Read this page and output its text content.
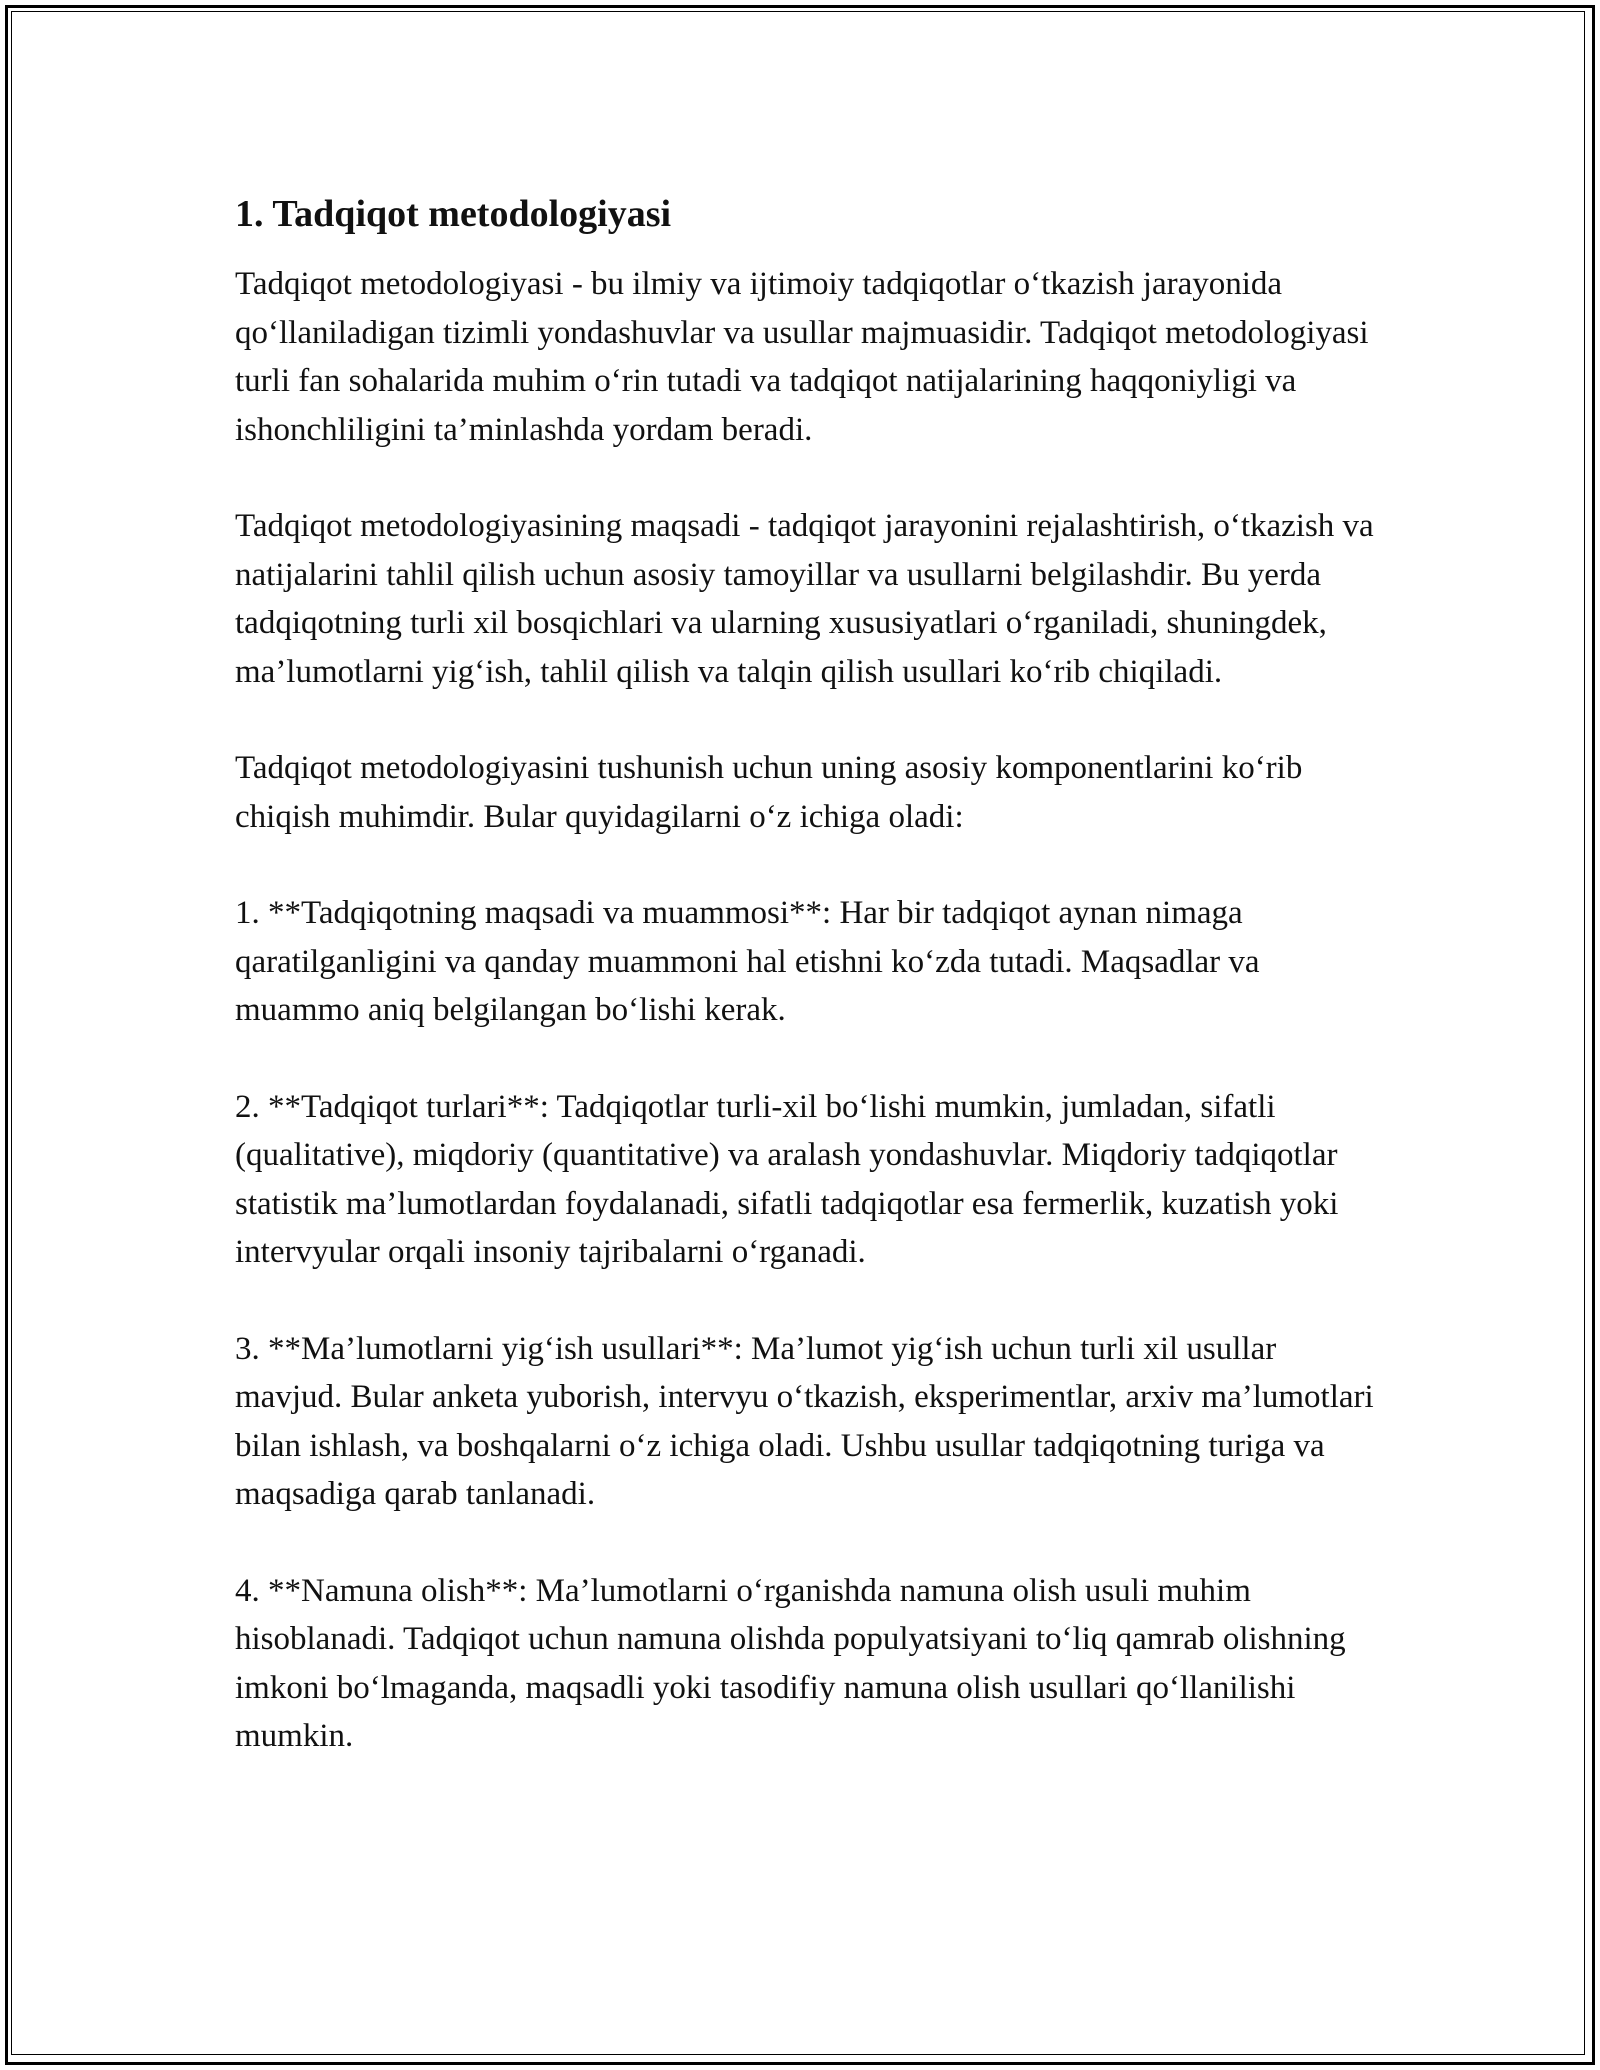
1. Tadqiqot metodologiyasi

Tadqiqot metodologiyasi - bu ilmiy va ijtimoiy tadqiqotlar o‘tkazish jarayonida qo‘llaniladigan tizimli yondashuvlar va usullar majmuasidir. Tadqiqot metodologiyasi turli fan sohalarida muhim o‘rin tutadi va tadqiqot natijalarining haqqoniyligi va ishonchliligini ta’minlashda yordam beradi.

Tadqiqot metodologiyasining maqsadi - tadqiqot jarayonini rejalashtirish, o‘tkazish va natijalarini tahlil qilish uchun asosiy tamoyillar va usullarni belgilashdir. Bu yerda tadqiqotning turli xil bosqichlari va ularning xususiyatlari o‘rganiladi, shuningdek, ma’lumotlarni yig‘ish, tahlil qilish va talqin qilish usullari ko‘rib chiqiladi.

Tadqiqot metodologiyasini tushunish uchun uning asosiy komponentlarini ko‘rib chiqish muhimdir. Bular quyidagilarni o‘z ichiga oladi:

1. **Tadqiqotning maqsadi va muammosi**: Har bir tadqiqot aynan nimaga qaratilganligini va qanday muammoni hal etishni ko‘zda tutadi. Maqsadlar va muammo aniq belgilangan bo‘lishi kerak.

2. **Tadqiqot turlari**: Tadqiqotlar turli-xil bo‘lishi mumkin, jumladan, sifatli (qualitative), miqdoriy (quantitative) va aralash yondashuvlar. Miqdoriy tadqiqotlar statistik ma’lumotlardan foydalanadi, sifatli tadqiqotlar esa fermerlik, kuzatish yoki intervyular orqali insoniy tajribalarni o‘rganadi.

3. **Ma’lumotlarni yig‘ish usullari**: Ma’lumot yig‘ish uchun turli xil usullar mavjud. Bular anketa yuborish, intervyu o‘tkazish, eksperimentlar, arxiv ma’lumotlari bilan ishlash, va boshqalarni o‘z ichiga oladi. Ushbu usullar tadqiqotning turiga va maqsadiga qarab tanlanadi.

4. **Namuna olish**: Ma’lumotlarni o‘rganishda namuna olish usuli muhim hisoblanadi. Tadqiqot uchun namuna olishda populyatsiyani to‘liq qamrab olishning imkoni bo‘lmaganda, maqsadli yoki tasodifiy namuna olish usullari qo‘llanilishi mumkin.
